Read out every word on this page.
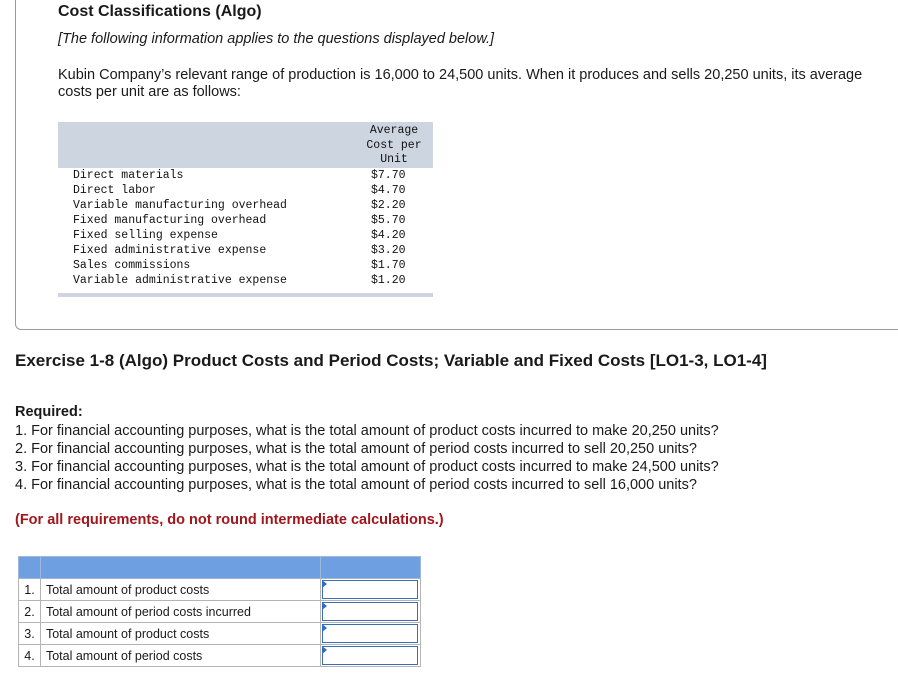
Cost Classifications (Algo)

[The following information applies to the questions displayed below.]

Kubin Company’s relevant range of production is 16,000 to 24,500 units. When it produces and sells 20,250 units, its average costs per unit are as follows:

Average
Cost per
Unit
Direct materials	$7.70
Direct labor	$4.70
Variable manufacturing overhead	$2.20
Fixed manufacturing overhead	$5.70
Fixed selling expense	$4.20
Fixed administrative expense	$3.20
Sales commissions	$1.70
Variable administrative expense	$1.20
Exercise 1-8 (Algo) Product Costs and Period Costs; Variable and Fixed Costs [LO1-3, LO1-4]

Required:

1. For financial accounting purposes, what is the total amount of product costs incurred to make 20,250 units?
2. For financial accounting purposes, what is the total amount of period costs incurred to sell 20,250 units?
3. For financial accounting purposes, what is the total amount of product costs incurred to make 24,500 units?
4. For financial accounting purposes, what is the total amount of period costs incurred to sell 16,000 units?

(For all requirements, do not round intermediate calculations.)

1.	Total amount of product costs	

2.	Total amount of period costs incurred	

3.	Total amount of product costs	

4.	Total amount of period costs	
